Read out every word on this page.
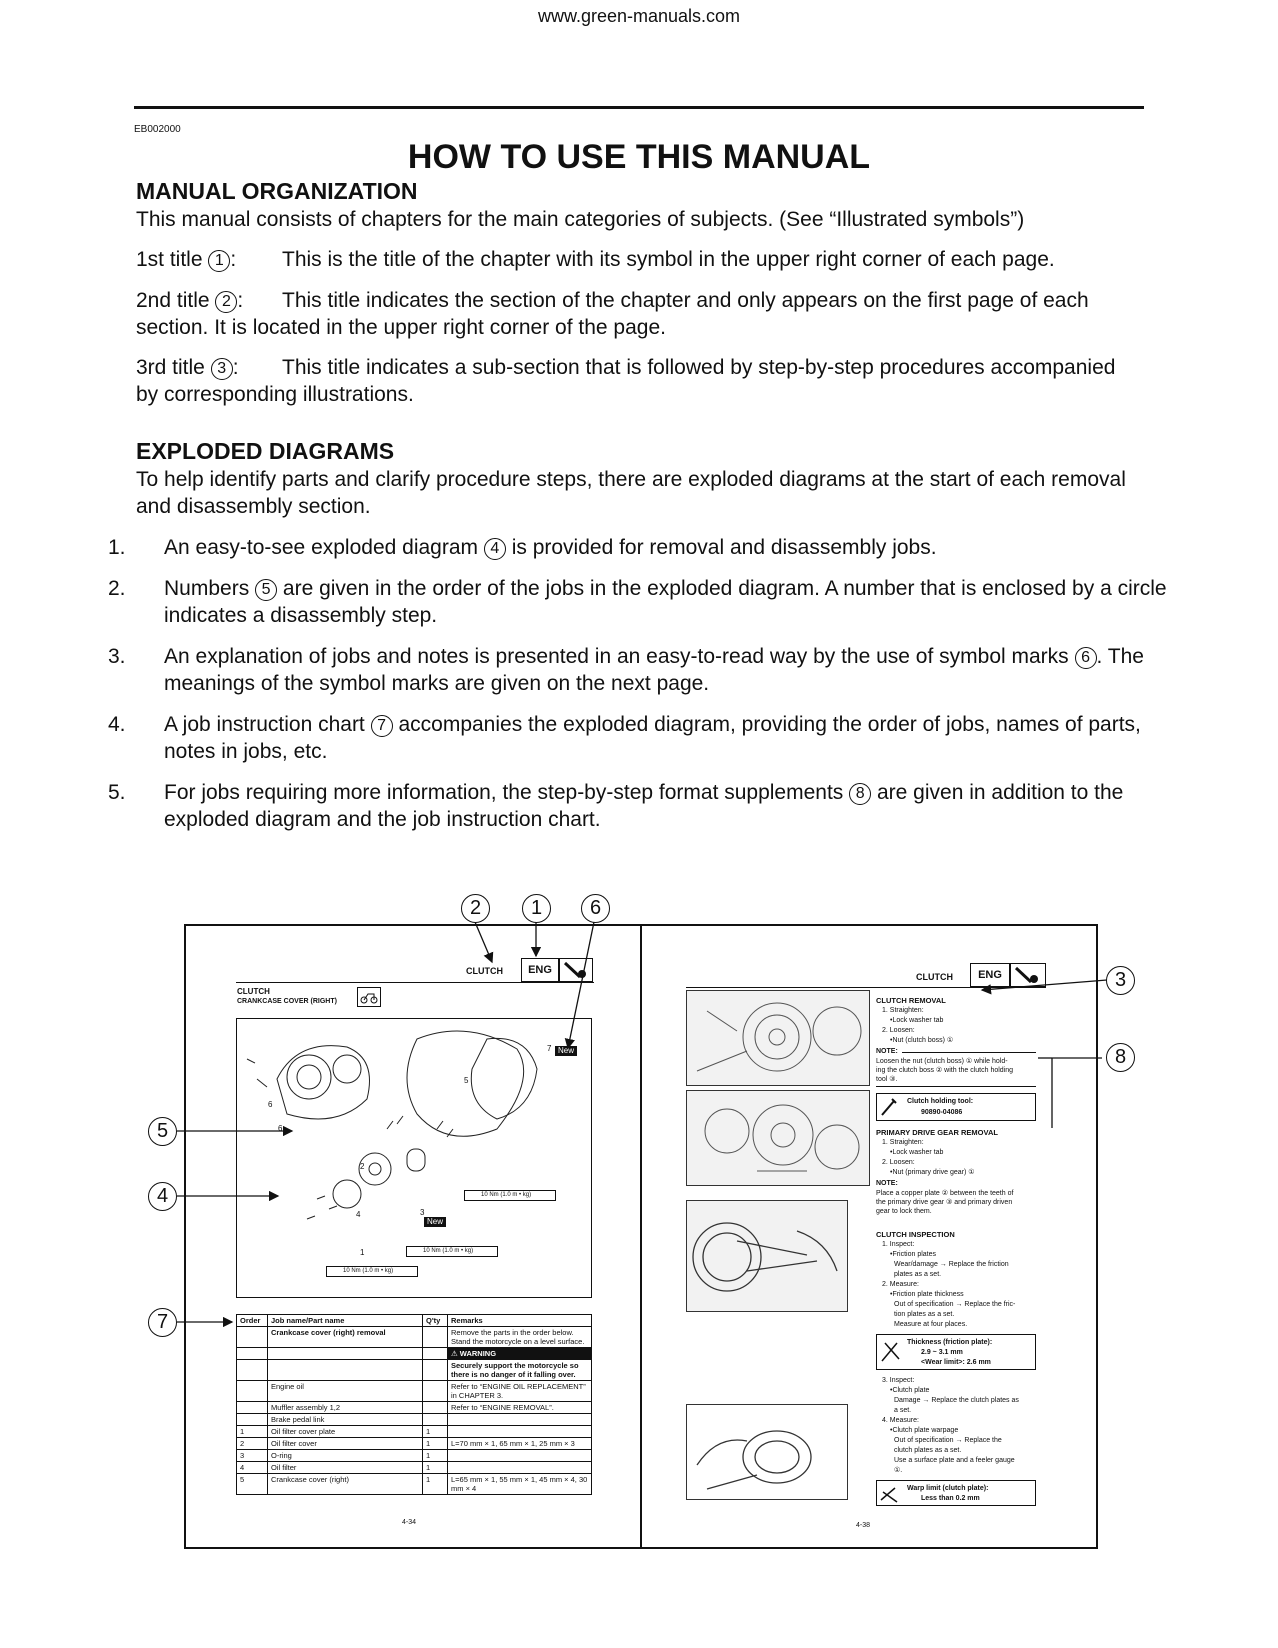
www.green-manuals.com
EB002000
HOW TO USE THIS MANUAL
MANUAL ORGANIZATION
This manual consists of chapters for the main categories of subjects. (See “Illustrated symbols”)
1st title 1 : This is the title of the chapter with its symbol in the upper right corner of each page.
2nd title 2 : This title indicates the section of the chapter and only appears on the first page of each section. It is located in the upper right corner of the page.
3rd title 3 : This title indicates a sub-section that is followed by step-by-step procedures accompanied by corresponding illustrations.
EXPLODED DIAGRAMS
To help identify parts and clarify procedure steps, there are exploded diagrams at the start of each removal and disassembly section.
1. An easy-to-see exploded diagram 4 is provided for removal and disassembly jobs.
2. Numbers 5 are given in the order of the jobs in the exploded diagram. A number that is enclosed by a circle indicates a disassembly step.
3. An explanation of jobs and notes is presented in an easy-to-read way by the use of symbol marks 6 . The meanings of the symbol marks are given on the next page.
4. A job instruction chart 7 accompanies the exploded diagram, providing the order of jobs, names of parts, notes in jobs, etc.
5. For jobs requiring more information, the step-by-step format supplements 8 are given in addition to the exploded diagram and the job instruction chart.
2	1	6
5
4
7
3
8
CLUTCH	ENG
CLUTCH
CRANKCASE COVER (RIGHT)
7
5
6
6
2
3
4
1
New
New
10 Nm (1.0 m • kg)
10 Nm (1.0 m • kg)
10 Nm (1.0 m • kg)
Order	Job name/Part name	Q'ty	Remarks
	Crankcase cover (right) removal		Remove the parts in the order below. Stand the motorcycle on a level surface.
			⚠ WARNING
			Securely support the motorcycle so there is no danger of it falling over.
	Engine oil		Refer to “ENGINE OIL REPLACEMENT” in CHAPTER 3.
	Muffler assembly 1,2		Refer to “ENGINE REMOVAL”.
	Brake pedal link		
1	Oil filter cover plate	1	
2	Oil filter cover	1	L=70 mm × 1, 65 mm × 1, 25 mm × 3
3	O-ring	1	
4	Oil filter	1	
5	Crankcase cover (right)	1	L=65 mm × 1, 55 mm × 1, 45 mm × 4, 30 mm × 4
4-34
CLUTCH	ENG
CLUTCH REMOVAL
1. Straighten:
•Lock washer tab
2. Loosen:
•Nut (clutch boss) ①
NOTE:
Loosen the nut (clutch boss) ① while hold-
ing the clutch boss ② with the clutch holding
tool ③.
Clutch holding tool:
90890-04086
PRIMARY DRIVE GEAR REMOVAL
1. Straighten:
•Lock washer tab
2. Loosen:
•Nut (primary drive gear) ①
NOTE:
Place a copper plate ② between the teeth of
the primary drive gear ③ and primary driven
gear to lock them.
CLUTCH INSPECTION
1. Inspect:
•Friction plates
Wear/damage → Replace the friction
plates as a set.
2. Measure:
•Friction plate thickness
Out of specification → Replace the fric-
tion plates as a set.
Measure at four places.
Thickness (friction plate):
2.9 ~ 3.1 mm
<Wear limit>: 2.6 mm
3. Inspect:
•Clutch plate
Damage → Replace the clutch plates as
a set.
4. Measure:
•Clutch plate warpage
Out of specification → Replace the
clutch plates as a set.
Use a surface plate and a feeler gauge
①.
Warp limit (clutch plate):
Less than 0.2 mm
4-38
